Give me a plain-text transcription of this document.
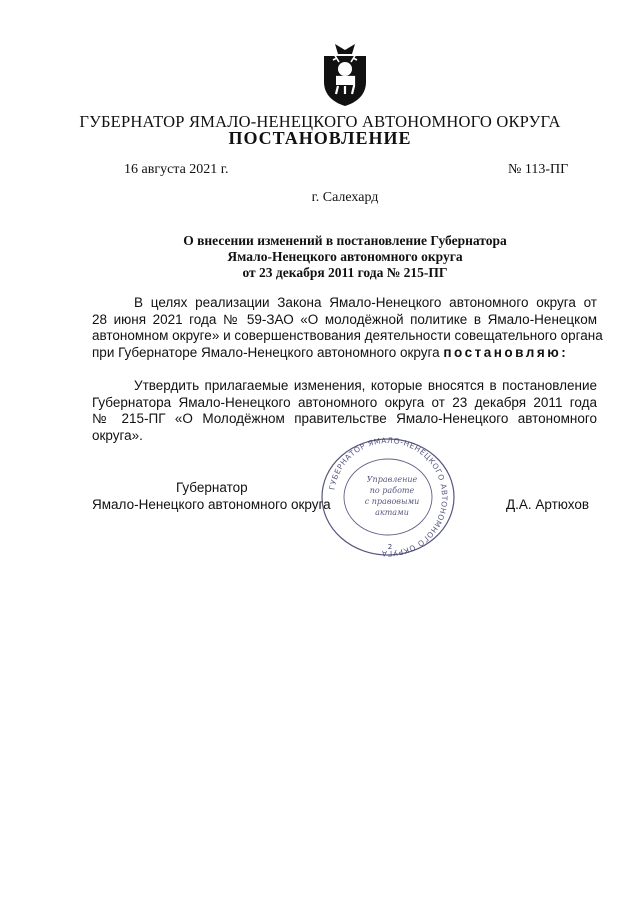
ГУБЕРНАТОР ЯМАЛО-НЕНЕЦКОГО АВТОНОМНОГО ОКРУГА
ПОСТАНОВЛЕНИЕ
16 августа 2021 г.	№ 113-ПГ
г. Салехард
О внесении изменений в постановление Губернатора
Ямало-Ненецкого автономного округа
от 23 декабря 2011 года № 215-ПГ
В целях реализации Закона Ямало-Ненецкого автономного округа от
28 июня 2021 года № 59-ЗАО «О молодёжной политике в Ямало-Ненецком
автономном округе» и совершенствования деятельности совещательного органа
при Губернаторе Ямало-Ненецкого автономного округа постановляю:
Утвердить прилагаемые изменения, которые вносятся в постановление
Губернатора Ямало-Ненецкого автономного округа от 23 декабря 2011 года
№ 215-ПГ «О Молодёжном правительстве Ямало-Ненецкого автономного
округа».
Губернатор
Ямало-Ненецкого автономного округа	Д.А. Артюхов
ГУБЕРНАТОР ЯМАЛО-НЕНЕЦКОГО АВТОНОМНОГО ОКРУГА
Управление
по работе
с правовыми
актами
2
